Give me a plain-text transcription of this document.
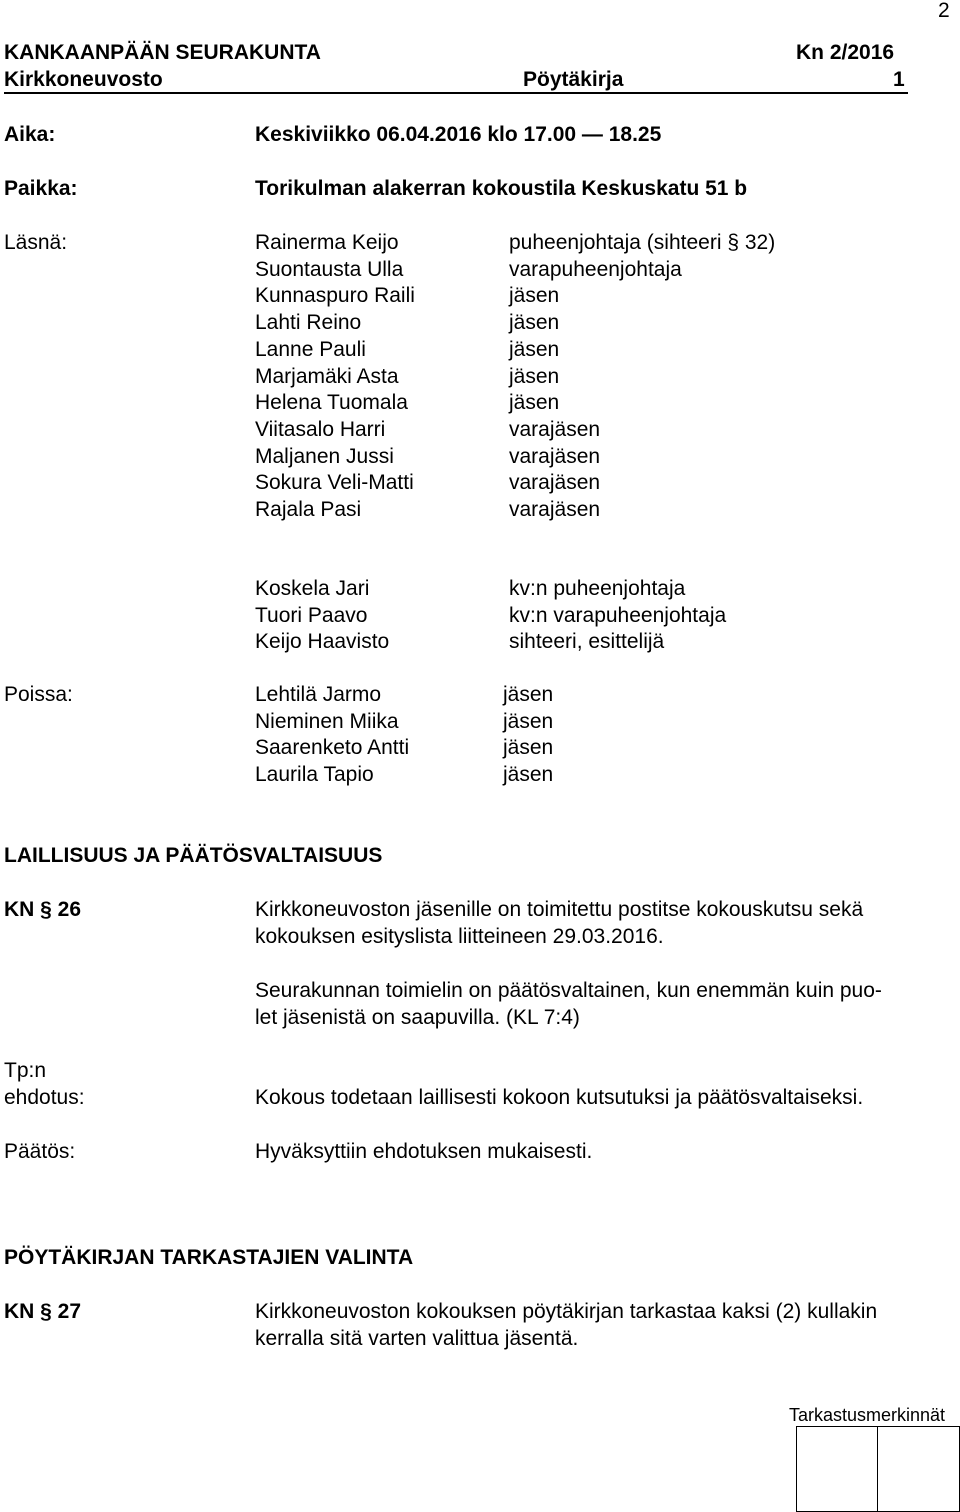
2
KANKAANPÄÄN SEURAKUNTA	Kn 2/2016
Kirkkoneuvosto	Pöytäkirja	1
Aika:	Keskiviikko 06.04.2016 klo 17.00 — 18.25
Paikka:	Torikulman alakerran kokoustila Keskuskatu 51 b
Läsnä:	Rainerma Keijo	puheenjohtaja (sihteeri § 32)
Suontausta Ulla	varapuheenjohtaja
Kunnaspuro Raili	jäsen
Lahti Reino	jäsen
Lanne Pauli	jäsen
Marjamäki Asta	jäsen
Helena Tuomala	jäsen
Viitasalo Harri	varajäsen
Maljanen Jussi	varajäsen
Sokura Veli-Matti	varajäsen
Rajala Pasi	varajäsen
Koskela Jari	kv:n puheenjohtaja
Tuori Paavo	kv:n varapuheenjohtaja
Keijo Haavisto	sihteeri, esittelijä
Poissa:	Lehtilä Jarmo	jäsen
Nieminen Miika	jäsen
Saarenketo Antti	jäsen
Laurila Tapio	jäsen
LAILLISUUS JA PÄÄTÖSVALTAISUUS
KN § 26	Kirkkoneuvoston jäsenille on toimitettu postitse kokouskutsu sekä
kokouksen esityslista liitteineen 29.03.2016.
Seurakunnan toimielin on päätösvaltainen, kun enemmän kuin puo-
let jäsenistä on saapuvilla. (KL 7:4)
Tp:n
ehdotus:	Kokous todetaan laillisesti kokoon kutsutuksi ja päätösvaltaiseksi.
Päätös:	Hyväksyttiin ehdotuksen mukaisesti.
PÖYTÄKIRJAN TARKASTAJIEN VALINTA
KN § 27	Kirkkoneuvoston kokouksen pöytäkirjan tarkastaa kaksi (2) kullakin
kerralla sitä varten valittua jäsentä.
Tarkastusmerkinnät
